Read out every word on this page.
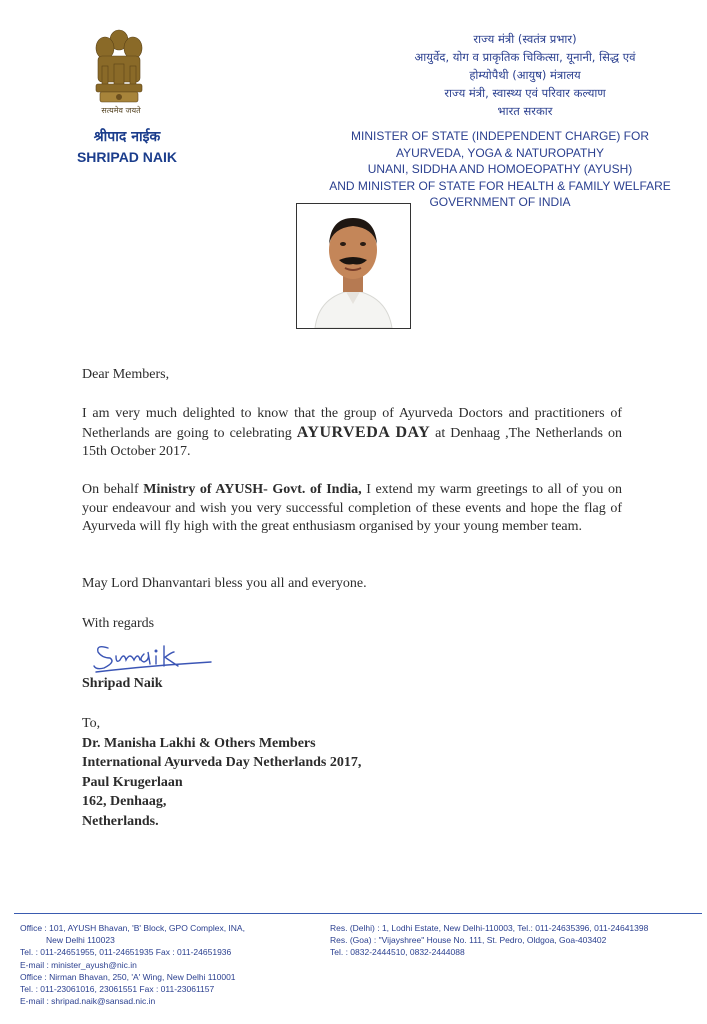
सत्यमेव जयते
श्रीपाद नाईक
SHRIPAD NAIK
राज्य मंत्री (स्वतंत्र प्रभार)
आयुर्वेद, योग व प्राकृतिक चिकित्सा, यूनानी, सिद्ध एवं
होम्योपैथी (आयुष) मंत्रालय
राज्य मंत्री, स्वास्थ्य एवं परिवार कल्याण
भारत सरकार
MINISTER OF STATE (INDEPENDENT CHARGE) FOR
AYURVEDA, YOGA & NATUROPATHY
UNANI, SIDDHA AND HOMOEOPATHY (AYUSH)
AND MINISTER OF STATE FOR HEALTH & FAMILY WELFARE
GOVERNMENT OF INDIA
Dear Members,
I am very much delighted to know that the group of Ayurveda Doctors and practitioners of Netherlands are going to celebrating AYURVEDA DAY at Denhaag ,The Netherlands on 15th October 2017.
On behalf Ministry of AYUSH- Govt. of India, I extend my warm greetings to all of you on your endeavour and wish you very successful completion of these events and hope the flag of Ayurveda will fly high with the great enthusiasm organised by your young member team.
May Lord Dhanvantari bless you all and everyone.
With regards
Shripad Naik
To,
Dr. Manisha Lakhi & Others Members
International Ayurveda Day Netherlands 2017,
Paul Krugerlaan
162, Denhaag,
Netherlands.
Office : 101, AYUSH Bhavan, 'B' Block, GPO Complex, INA,
New Delhi 110023
Tel. : 011-24651955, 011-24651935 Fax : 011-24651936
E-mail : minister_ayush@nic.in
Office : Nirman Bhavan, 250, 'A' Wing, New Delhi 110001
Tel. : 011-23061016, 23061551 Fax : 011-23061157
E-mail : shripad.naik@sansad.nic.in
Res. (Delhi) : 1, Lodhi Estate, New Delhi-110003, Tel.: 011-24635396, 011-24641398
Res. (Goa) : "Vijayshree" House No. 111, St. Pedro, Oldgoa, Goa-403402
Tel. : 0832-2444510, 0832-2444088
